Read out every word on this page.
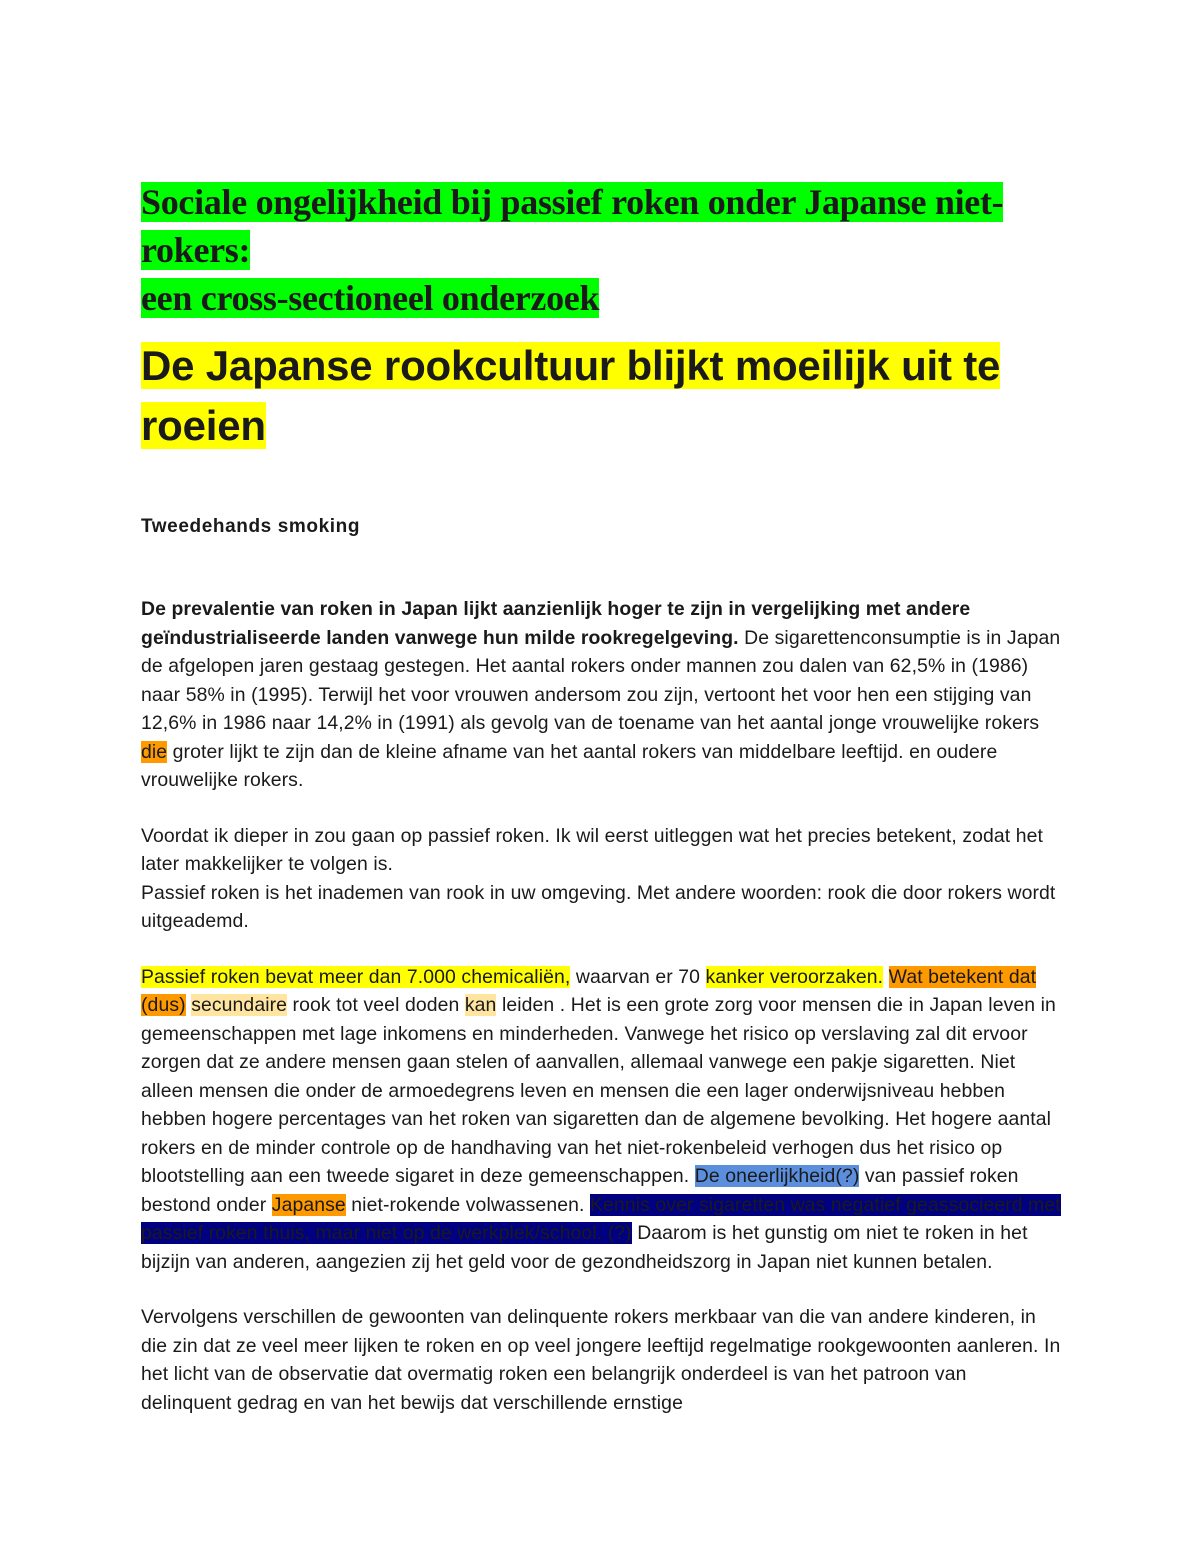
Sociale ongelijkheid bij passief roken onder Japanse niet-rokers:
een cross-sectioneel onderzoek
De Japanse rookcultuur blijkt moeilijk uit te
roeien
Tweedehands smoking

De prevalentie van roken in Japan lijkt aanzienlijk hoger te zijn in vergelijking met andere geïndustrialiseerde landen vanwege hun milde rookregelgeving. De sigarettenconsumptie is in Japan de afgelopen jaren gestaag gestegen. Het aantal rokers onder mannen zou dalen van 62,5% in (1986) naar 58% in (1995). Terwijl het voor vrouwen andersom zou zijn, vertoont het voor hen een stijging van 12,6% in 1986 naar 14,2% in (1991) als gevolg van de toename van het aantal jonge vrouwelijke rokers die groter lijkt te zijn dan de kleine afname van het aantal rokers van middelbare leeftijd. en oudere vrouwelijke rokers.

Voordat ik dieper in zou gaan op passief roken. Ik wil eerst uitleggen wat het precies betekent, zodat het later makkelijker te volgen is.
Passief roken is het inademen van rook in uw omgeving. Met andere woorden: rook die door rokers wordt uitgeademd.

Passief roken bevat meer dan 7.000 chemicaliën, waarvan er 70 kanker veroorzaken. Wat betekent dat (dus) secundaire rook tot veel doden kan leiden . Het is een grote zorg voor mensen die in Japan leven in gemeenschappen met lage inkomens en minderheden. Vanwege het risico op verslaving zal dit ervoor zorgen dat ze andere mensen gaan stelen of aanvallen, allemaal vanwege een pakje sigaretten. Niet alleen mensen die onder de armoedegrens leven en mensen die een lager onderwijsniveau hebben hebben hogere percentages van het roken van sigaretten dan de algemene bevolking. Het hogere aantal rokers en de minder controle op de handhaving van het niet-rokenbeleid verhogen dus het risico op blootstelling aan een tweede sigaret in deze gemeenschappen. De oneerlijkheid(?) van passief roken bestond onder Japanse niet-rokende volwassenen. Kennis over sigaretten was negatief geassocieerd met passief roken thuis, maar niet op de werkplek/school. (?) Daarom is het gunstig om niet te roken in het bijzijn van anderen, aangezien zij het geld voor de gezondheidszorg in Japan niet kunnen betalen.

Vervolgens verschillen de gewoonten van delinquente rokers merkbaar van die van andere kinderen, in die zin dat ze veel meer lijken te roken en op veel jongere leeftijd regelmatige rookgewoonten aanleren. In het licht van de observatie dat overmatig roken een belangrijk onderdeel is van het patroon van delinquent gedrag en van het bewijs dat verschillende ernstige
